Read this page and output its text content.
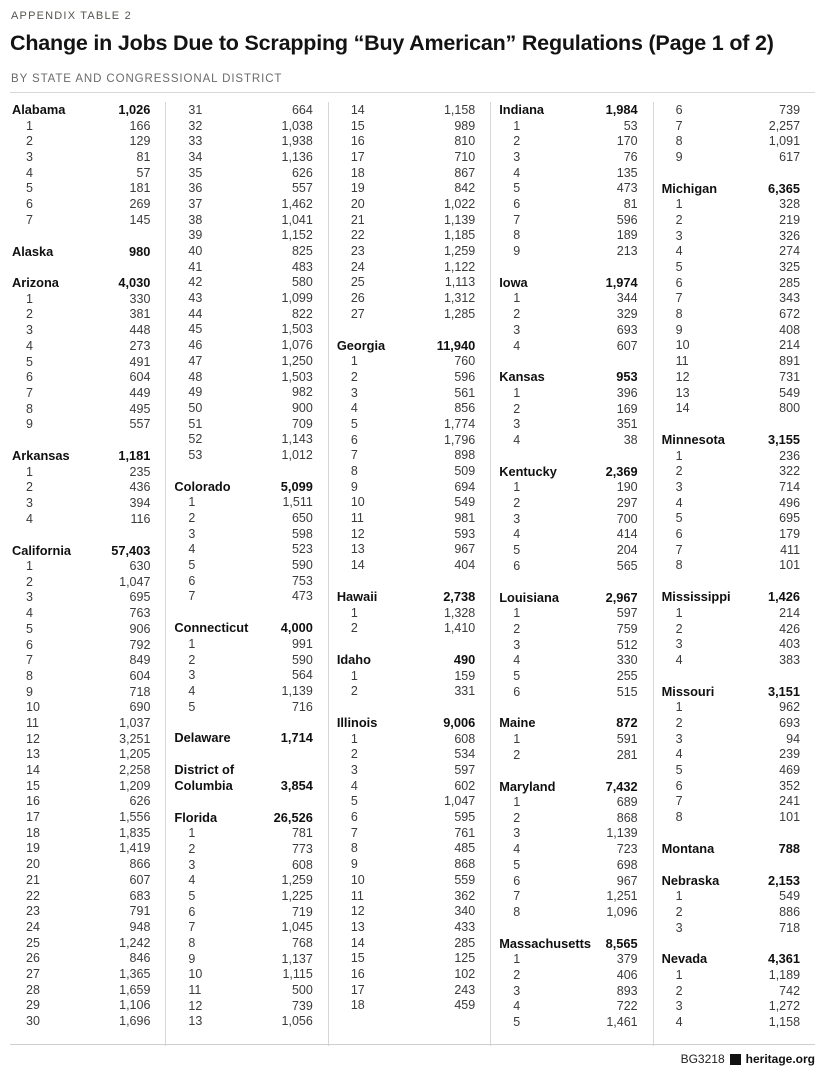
APPENDIX TABLE 2
Change in Jobs Due to Scrapping “Buy American” Regulations (Page 1 of 2)
BY STATE AND CONGRESSIONAL DISTRICT
Alabama	1,026
1	166
2	129
3	81
4	57
5	181
6	269
7	145
Alaska	980
Arizona	4,030
1	330
2	381
3	448
4	273
5	491
6	604
7	449
8	495
9	557
Arkansas	1,181
1	235
2	436
3	394
4	116
California	57,403
1	630
2	1,047
3	695
4	763
5	906
6	792
7	849
8	604
9	718
10	690
11	1,037
12	3,251
13	1,205
14	2,258
15	1,209
16	626
17	1,556
18	1,835
19	1,419
20	866
21	607
22	683
23	791
24	948
25	1,242
26	846
27	1,365
28	1,659
29	1,106
30	1,696
31	664
32	1,038
33	1,938
34	1,136
35	626
36	557
37	1,462
38	1,041
39	1,152
40	825
41	483
42	580
43	1,099
44	822
45	1,503
46	1,076
47	1,250
48	1,503
49	982
50	900
51	709
52	1,143
53	1,012
Colorado	5,099
1	1,511
2	650
3	598
4	523
5	590
6	753
7	473
Connecticut	4,000
1	991
2	590
3	564
4	1,139
5	716
Delaware	1,714
District of Columbia	3,854
Florida	26,526
1	781
2	773
3	608
4	1,259
5	1,225
6	719
7	1,045
8	768
9	1,137
10	1,115
11	500
12	739
13	1,056
14	1,158
15	989
16	810
17	710
18	867
19	842
20	1,022
21	1,139
22	1,185
23	1,259
24	1,122
25	1,113
26	1,312
27	1,285
Georgia	11,940
1	760
2	596
3	561
4	856
5	1,774
6	1,796
7	898
8	509
9	694
10	549
11	981
12	593
13	967
14	404
Hawaii	2,738
1	1,328
2	1,410
Idaho	490
1	159
2	331
Illinois	9,006
1	608
2	534
3	597
4	602
5	1,047
6	595
7	761
8	485
9	868
10	559
11	362
12	340
13	433
14	285
15	125
16	102
17	243
18	459
Indiana	1,984
1	53
2	170
3	76
4	135
5	473
6	81
7	596
8	189
9	213
Iowa	1,974
1	344
2	329
3	693
4	607
Kansas	953
1	396
2	169
3	351
4	38
Kentucky	2,369
1	190
2	297
3	700
4	414
5	204
6	565
Louisiana	2,967
1	597
2	759
3	512
4	330
5	255
6	515
Maine	872
1	591
2	281
Maryland	7,432
1	689
2	868
3	1,139
4	723
5	698
6	967
7	1,251
8	1,096
Massachusetts	8,565
1	379
2	406
3	893
4	722
5	1,461
6	739
7	2,257
8	1,091
9	617
Michigan	6,365
1	328
2	219
3	326
4	274
5	325
6	285
7	343
8	672
9	408
10	214
11	891
12	731
13	549
14	800
Minnesota	3,155
1	236
2	322
3	714
4	496
5	695
6	179
7	411
8	101
Mississippi	1,426
1	214
2	426
3	403
4	383
Missouri	3,151
1	962
2	693
3	94
4	239
5	469
6	352
7	241
8	101
Montana	788
Nebraska	2,153
1	549
2	886
3	718
Nevada	4,361
1	1,189
2	742
3	1,272
4	1,158
BG3218 heritage.org
